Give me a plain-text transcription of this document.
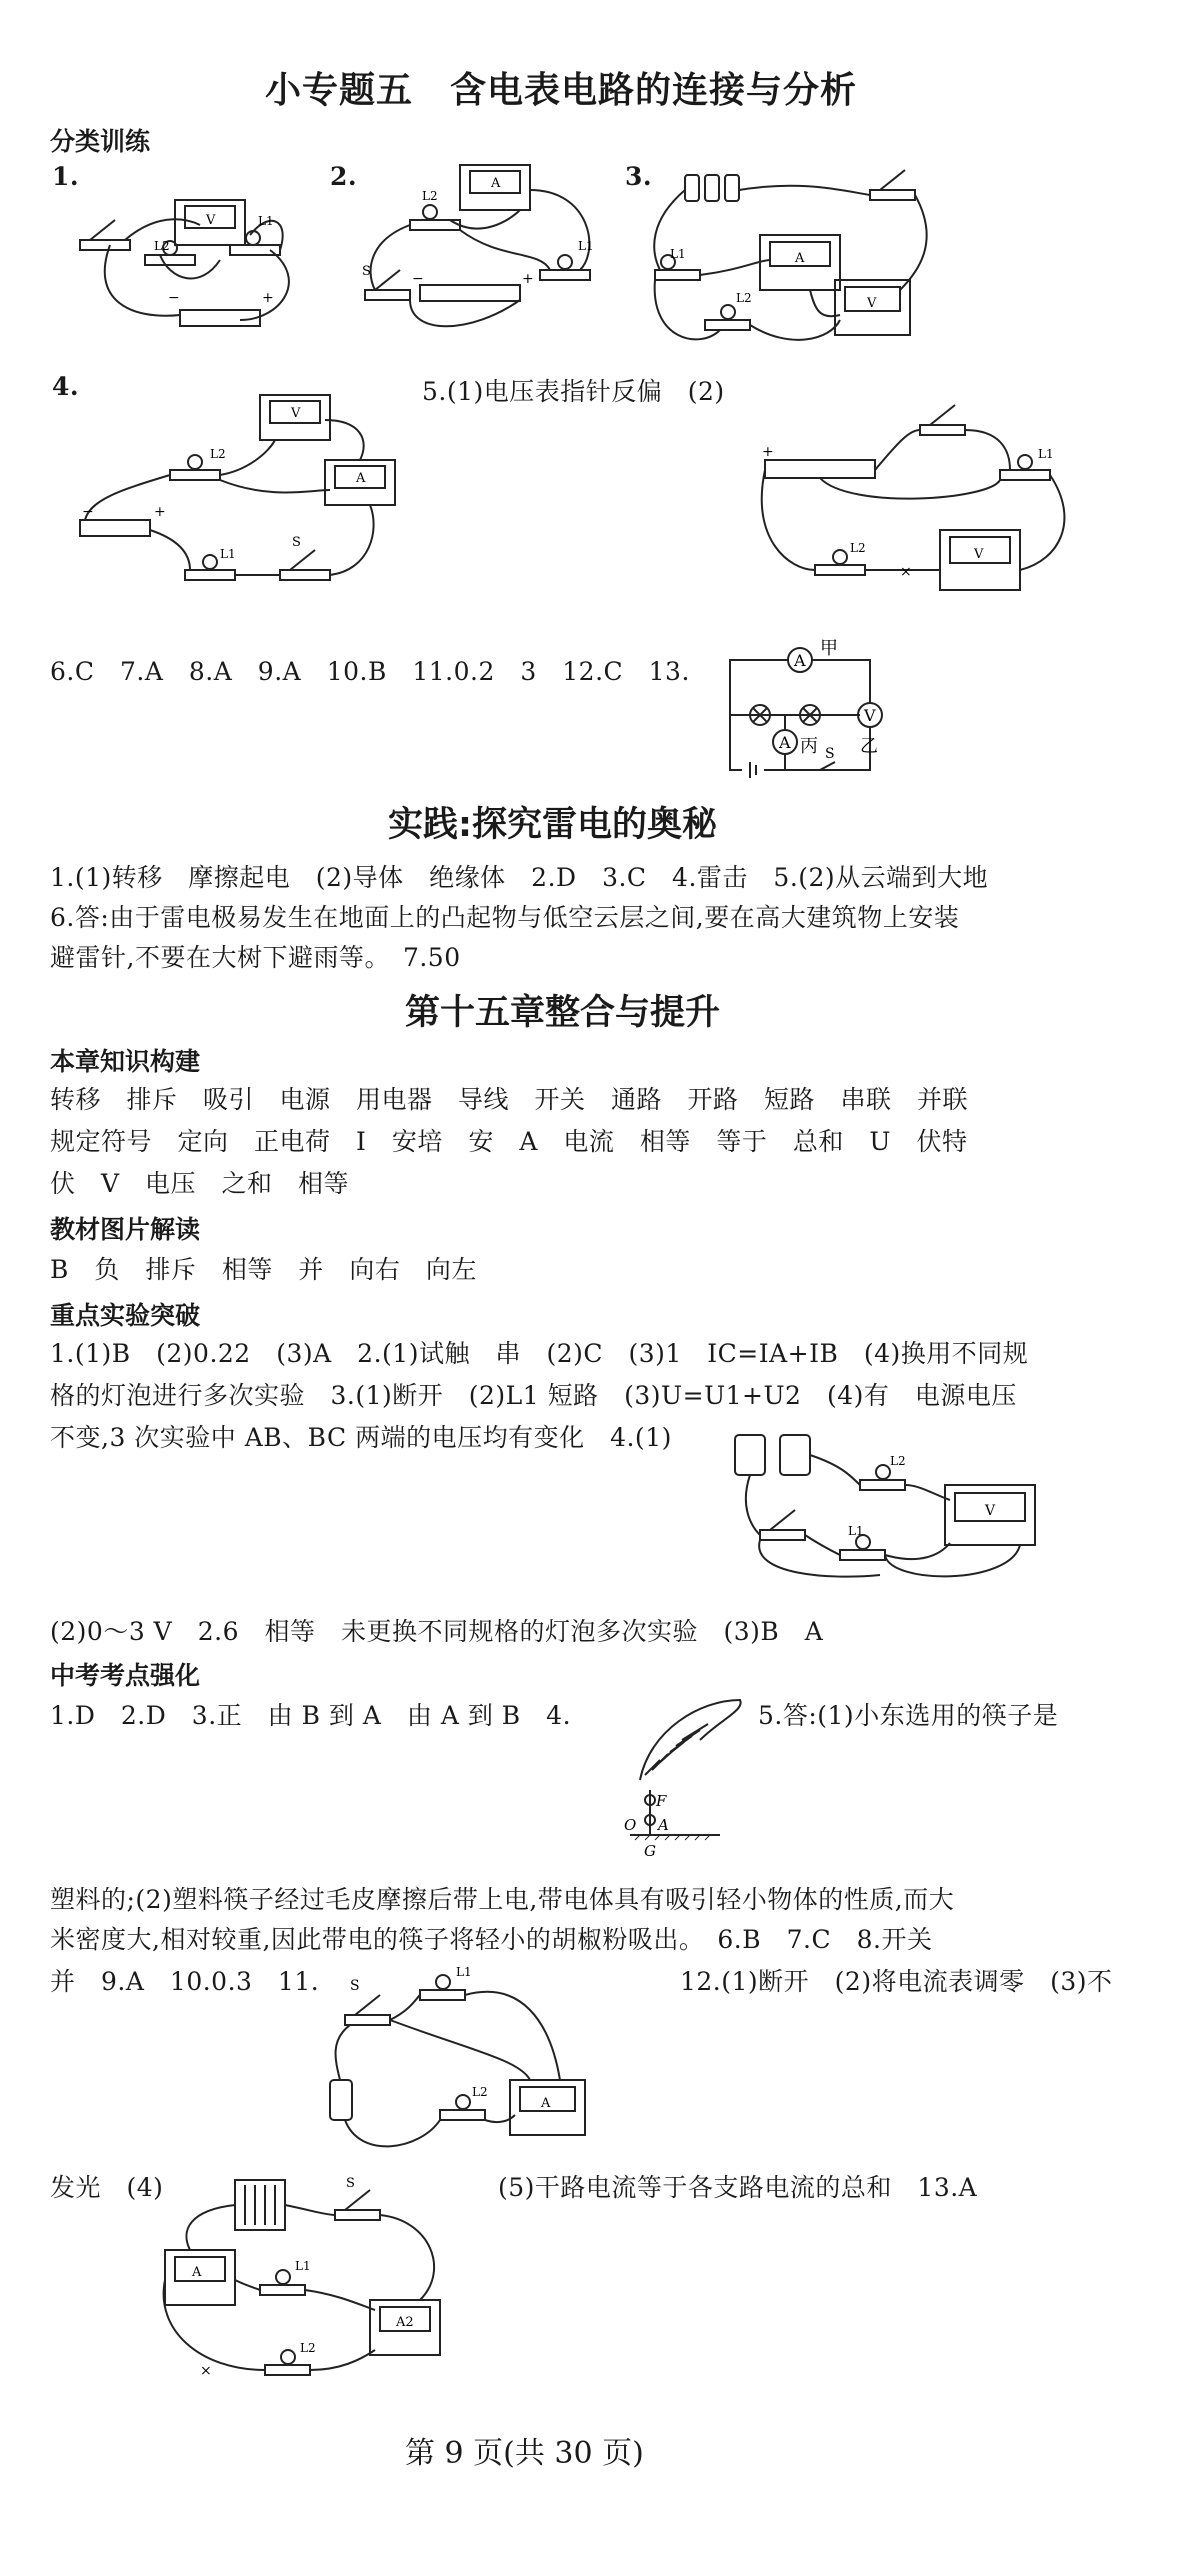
小专题五　含电表电路的连接与分析
分类训练
1.	2.	3.
V
L2
L1
−	+
A
L2
L1
S	−	+
A
V
L1
L2
4.	5.(1)电压表指针反偏　(2)
V
A
L2
L1
S
−	+
V
L1
L2
×
+
6.C　7.A　8.A　9.A　10.B　11.0.2　3　12.C　13.	A
甲
A 丙
V
乙
S
实践:探究雷电的奥秘
1.(1)转移　摩擦起电　(2)导体　绝缘体　2.D　3.C　4.雷击　5.(2)从云端到大地
6.答:由于雷电极易发生在地面上的凸起物与低空云层之间,要在高大建筑物上安装
避雷针,不要在大树下避雨等。　7.50
第十五章整合与提升
本章知识构建
转移　排斥　吸引　电源　用电器　导线　开关　通路　开路　短路　串联　并联
规定符号　定向　正电荷　I　安培　安　A　电流　相等　等于　总和　U　伏特
伏　V　电压　之和　相等
教材图片解读
B　负　排斥　相等　并　向右　向左
重点实验突破
1.(1)B　(2)0.22　(3)A　2.(1)试触　串　(2)C　(3)1　IC=IA+IB　(4)换用不同规
格的灯泡进行多次实验　3.(1)断开　(2)L1 短路　(3)U=U1+U2　(4)有　电源电压
不变,3 次实验中 AB、BC 两端的电压均有变化　4.(1)
V
L2
L1
(2)0～3 V　2.6　相等　未更换不同规格的灯泡多次实验　(3)B　A
中考考点强化
1.D　2.D　3.正　由 B 到 A　由 A 到 B　4.	5.答:(1)小东选用的筷子是
F
O A
G
塑料的;(2)塑料筷子经过毛皮摩擦后带上电,带电体具有吸引轻小物体的性质,而大
米密度大,相对较重,因此带电的筷子将轻小的胡椒粉吸出。　6.B　7.C　8.开关
并　9.A　10.0.3　11.	12.(1)断开　(2)将电流表调零　(3)不
A
S
L1
L2
发光　(4)	(5)干路电流等于各支路电流的总和　13.A
A
A2
S
L1
L2
×
第 9 页(共 30 页)
